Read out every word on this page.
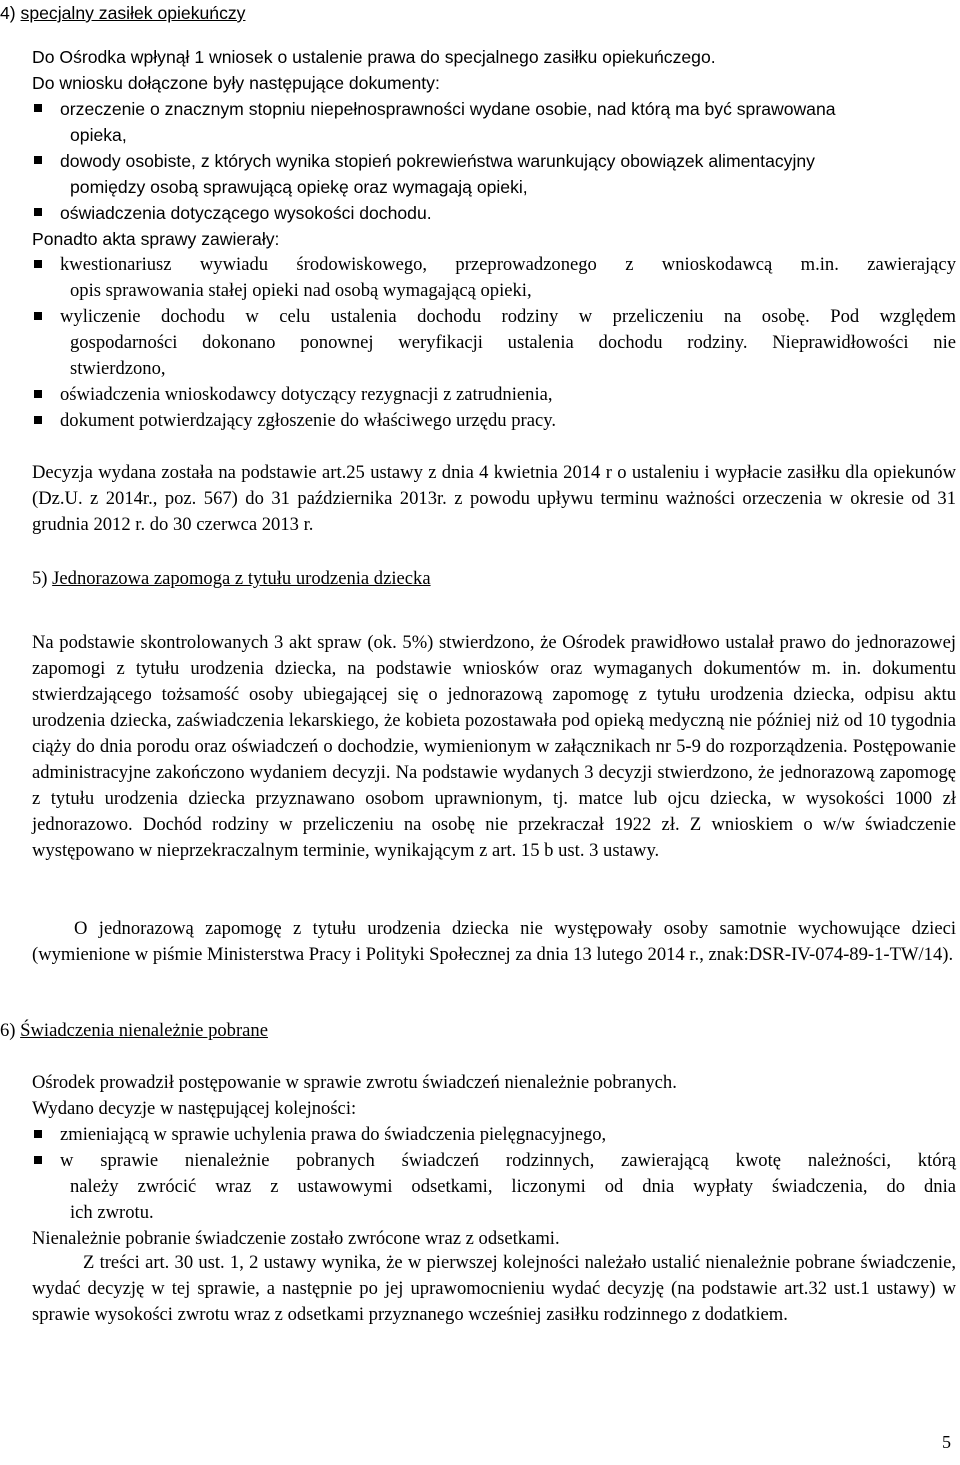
4) specjalny zasiłek opiekuńczy
Do Ośrodka wpłynął 1 wniosek o ustalenie prawa do specjalnego zasiłku opiekuńczego.
Do wniosku dołączone były następujące dokumenty:
orzeczenie o znacznym stopniu niepełnosprawności wydane osobie, nad którą ma być sprawowana
opieka,
dowody osobiste, z których wynika stopień pokrewieństwa warunkujący obowiązek alimentacyjny
pomiędzy osobą sprawującą opiekę oraz wymagają opieki,
oświadczenia dotyczącego wysokości dochodu.
Ponadto akta sprawy zawierały:
kwestionariusz wywiadu środowiskowego, przeprowadzonego z wnioskodawcą m.in. zawierający
opis sprawowania stałej opieki nad osobą wymagającą opieki,
wyliczenie dochodu w celu ustalenia dochodu rodziny w przeliczeniu na osobę. Pod względem
gospodarności dokonano ponownej weryfikacji ustalenia dochodu rodziny. Nieprawidłowości nie
stwierdzono,
oświadczenia wnioskodawcy dotyczący rezygnacji z zatrudnienia,
dokument potwierdzający zgłoszenie do właściwego urzędu pracy.
Decyzja wydana została na podstawie art.25 ustawy z dnia 4 kwietnia 2014 r o ustaleniu i wypłacie zasiłku dla opiekunów (Dz.U. z 2014r., poz. 567) do 31 października 2013r. z powodu upływu terminu ważności orzeczenia w okresie od 31 grudnia 2012 r. do 30 czerwca 2013 r.
5) Jednorazowa zapomoga z tytułu urodzenia dziecka
Na podstawie skontrolowanych 3 akt spraw (ok. 5%) stwierdzono, że Ośrodek prawidłowo ustalał prawo do jednorazowej zapomogi z tytułu urodzenia dziecka, na podstawie wniosków oraz wymaganych dokumentów m. in. dokumentu stwierdzającego tożsamość osoby ubiegającej się o jednorazową zapomogę z tytułu urodzenia dziecka, odpisu aktu urodzenia dziecka, zaświadczenia lekarskiego, że kobieta pozostawała pod opieką medyczną nie później niż od 10 tygodnia ciąży do dnia porodu oraz oświadczeń o dochodzie, wymienionym w załącznikach nr 5-9 do rozporządzenia. Postępowanie administracyjne zakończono wydaniem decyzji. Na podstawie wydanych 3 decyzji stwierdzono, że jednorazową zapomogę z tytułu urodzenia dziecka przyznawano osobom uprawnionym, tj. matce lub ojcu dziecka, w wysokości 1000 zł jednorazowo. Dochód rodziny w przeliczeniu na osobę nie przekraczał 1922 zł. Z wnioskiem o w/w świadczenie występowano w nieprzekraczalnym terminie, wynikającym z art. 15 b ust. 3 ustawy.
O jednorazową zapomogę z tytułu urodzenia dziecka nie występowały osoby samotnie wychowujące dzieci (wymienione w piśmie Ministerstwa Pracy i Polityki Społecznej za dnia 13 lutego 2014 r., znak:DSR-IV-074-89-1-TW/14).
6) Świadczenia nienależnie pobrane
Ośrodek prowadził postępowanie w sprawie zwrotu świadczeń nienależnie pobranych.
Wydano decyzje w następującej kolejności:
zmieniającą w sprawie uchylenia prawa do świadczenia pielęgnacyjnego,
w sprawie nienależnie pobranych świadczeń rodzinnych, zawierającą kwotę należności, którą
należy zwrócić wraz z ustawowymi odsetkami, liczonymi od dnia wypłaty świadczenia, do dnia
ich zwrotu.
Nienależnie pobranie świadczenie zostało zwrócone wraz z odsetkami.
Z treści art. 30 ust. 1, 2 ustawy wynika, że w pierwszej kolejności należało ustalić nienależnie pobrane świadczenie, wydać decyzję w tej sprawie, a następnie po jej uprawomocnieniu wydać decyzję (na podstawie art.32 ust.1 ustawy) w sprawie wysokości zwrotu wraz z odsetkami przyznanego wcześniej zasiłku rodzinnego z dodatkiem.
5
